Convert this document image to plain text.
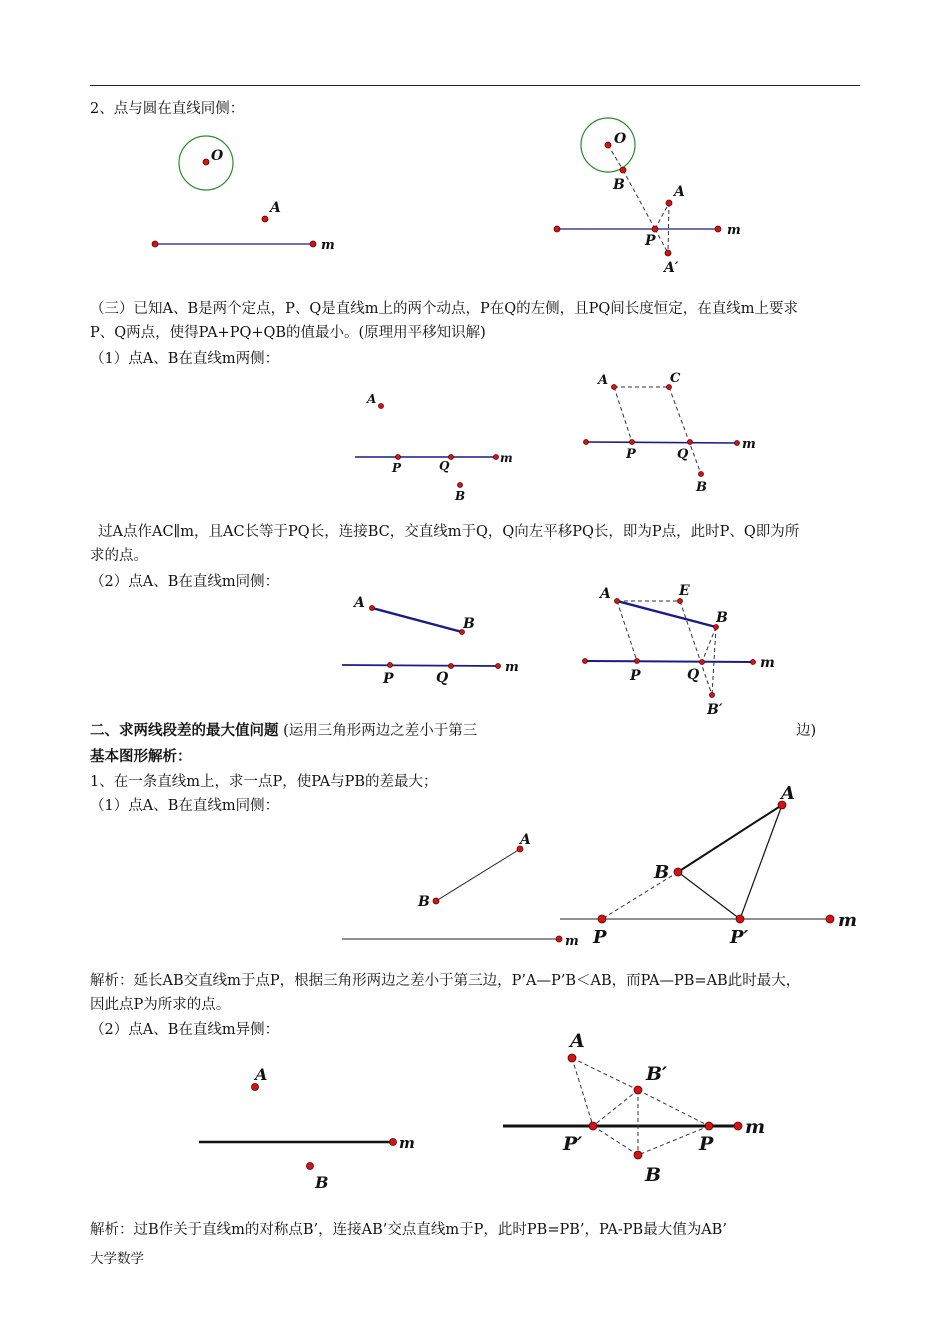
2、点与圆在直线同侧：
（三）已知A、B是两个定点，P、Q是直线m上的两个动点，P在Q的左侧，且PQ间长度恒定，在直线m上要求
P、Q两点，使得PA+PQ+QB的值最小。(原理用平移知识解)
（1）点A、B在直线m两侧：
过A点作AC∥m，且AC长等于PQ长，连接BC，交直线m于Q，Q向左平移PQ长，即为P点，此时P、Q即为所
求的点。
（2）点A、B在直线m同侧：
二、求两线段差的最大值问题 (运用三角形两边之差小于第三	边)
基本图形解析：
1、在一条直线m上，求一点P，使PA与PB的差最大；
（1）点A、B在直线m同侧：
解析：延长AB交直线m于点P，根据三角形两边之差小于第三边，P’A—P’B＜AB，而PA—PB=AB此时最大，
因此点P为所求的点。
（2）点A、B在直线m异侧：
解析：过B作关于直线m的对称点B’，连接AB’交点直线m于P，此时PB=PB’，PA-PB最大值为AB’
大学数学
O
A
m
O
B	A
P
A′
m
A
P	Q
m
B
A	C
P	Q
m
B
A
B
P	Q
m
A	E
B
P	Q
m
B′
A
B
m
A
B
P	P′
m
A
B
m
A
B′
P′	P
m
B
